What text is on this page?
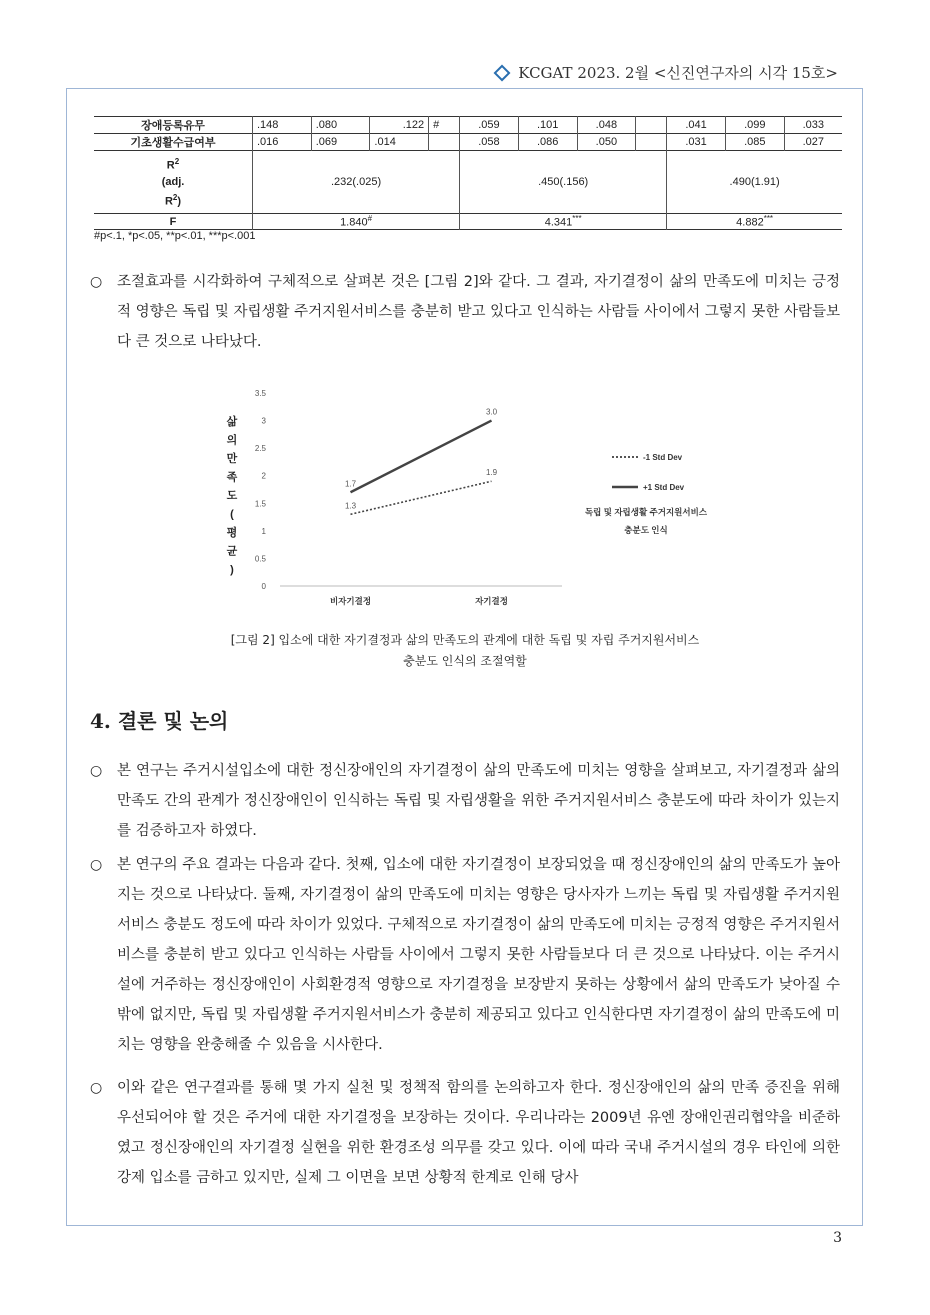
KCGAT 2023. 2월 <신진연구자의 시각 15호>
장애등록유무	.148	.080	.122	#	.059	.101	.048		.041	.099	.033
기초생활수급여부	.016	.069	.014		.058	.086	.050		.031	.085	.027
$R^2$
(adj.
$R^2$)	.232(.025)				.450(.156)				.490(1.91)		
F	1.840#				4.341***				4.882***
#p<.1, *p<.05, **p<.01, ***p<.001
○ 조절효과를 시각화하여 구체적으로 살펴본 것은 [그림 2]와 같다. 그 결과, 자기결정이 삶의 만족도에 미치는 긍정적 영향은 독립 및 자립생활 주거지원서비스를 충분히 받고 있다고 인식하는 사람들 사이에서 그렇지 못한 사람들보다 큰 것으로 나타났다.
삶
의
만
족
도
(
평
균
)
0
0.5
1
1.5
2
2.5
3
3.5
비자기결정	자기결정
1.3
1.9
1.7
3.0
-1 Std Dev
+1 Std Dev
독립 및 자립생활 주거지원서비스
충분도 인식
[그림 2] 입소에 대한 자기결정과 삶의 만족도의 관계에 대한 독립 및 자립 주거지원서비스
충분도 인식의 조절역할
4. 결론 및 논의
○ 본 연구는 주거시설입소에 대한 정신장애인의 자기결정이 삶의 만족도에 미치는 영향을 살펴보고, 자기결정과 삶의 만족도 간의 관계가 정신장애인이 인식하는 독립 및 자립생활을 위한 주거지원서비스 충분도에 따라 차이가 있는지를 검증하고자 하였다.
○ 본 연구의 주요 결과는 다음과 같다. 첫째, 입소에 대한 자기결정이 보장되었을 때 정신장애인의 삶의 만족도가 높아지는 것으로 나타났다. 둘째, 자기결정이 삶의 만족도에 미치는 영향은 당사자가 느끼는 독립 및 자립생활 주거지원서비스 충분도 정도에 따라 차이가 있었다. 구체적으로 자기결정이 삶의 만족도에 미치는 긍정적 영향은 주거지원서비스를 충분히 받고 있다고 인식하는 사람들 사이에서 그렇지 못한 사람들보다 더 큰 것으로 나타났다. 이는 주거시설에 거주하는 정신장애인이 사회환경적 영향으로 자기결정을 보장받지 못하는 상황에서 삶의 만족도가 낮아질 수밖에 없지만, 독립 및 자립생활 주거지원서비스가 충분히 제공되고 있다고 인식한다면 자기결정이 삶의 만족도에 미치는 영향을 완충해줄 수 있음을 시사한다.
○ 이와 같은 연구결과를 통해 몇 가지 실천 및 정책적 함의를 논의하고자 한다. 정신장애인의 삶의 만족 증진을 위해 우선되어야 할 것은 주거에 대한 자기결정을 보장하는 것이다. 우리나라는 2009년 유엔 장애인권리협약을 비준하였고 정신장애인의 자기결정 실현을 위한 환경조성 의무를 갖고 있다. 이에 따라 국내 주거시설의 경우 타인에 의한 강제 입소를 금하고 있지만, 실제 그 이면을 보면 상황적 한계로 인해 당사
3
